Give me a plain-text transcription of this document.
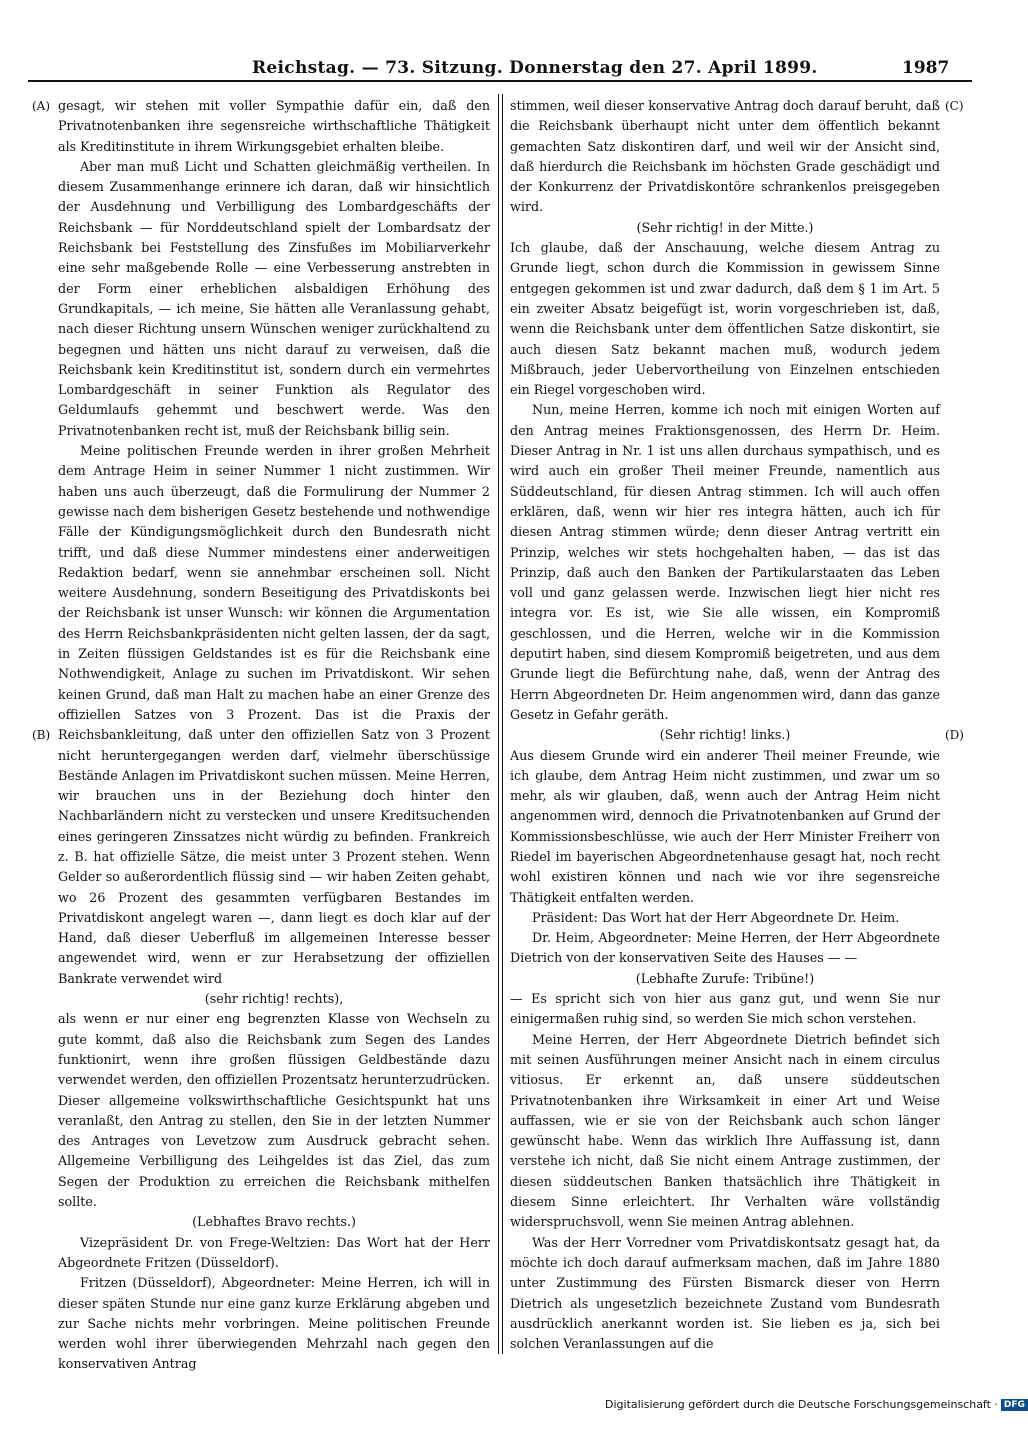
Reichstag. — 73. Sitzung. Donnerstag den 27. April 1899.	1987
(A)
(B)
(C)
(D)

gesagt, wir stehen mit voller Sympathie dafür ein, daß den Privatnotenbanken ihre segensreiche wirthschaftliche Thätigkeit als Kreditinstitute in ihrem Wirkungsgebiet erhalten bleibe.

Aber man muß Licht und Schatten gleichmäßig vertheilen. In diesem Zusammenhange erinnere ich daran, daß wir hinsichtlich der Ausdehnung und Verbilligung des Lombardgeschäfts der Reichsbank — für Norddeutschland spielt der Lombardsatz der Reichsbank bei Feststellung des Zinsfußes im Mobiliarverkehr eine sehr maßgebende Rolle — eine Verbesserung anstrebten in der Form einer erheblichen alsbaldigen Erhöhung des Grundkapitals, — ich meine, Sie hätten alle Veranlassung gehabt, nach dieser Richtung unsern Wünschen weniger zurückhaltend zu begegnen und hätten uns nicht darauf zu verweisen, daß die Reichsbank kein Kreditinstitut ist, sondern durch ein vermehrtes Lombardgeschäft in seiner Funktion als Regulator des Geldumlaufs gehemmt und beschwert werde. Was den Privatnotenbanken recht ist, muß der Reichsbank billig sein.

Meine politischen Freunde werden in ihrer großen Mehrheit dem Antrage Heim in seiner Nummer 1 nicht zustimmen. Wir haben uns auch überzeugt, daß die Formulirung der Nummer 2 gewisse nach dem bisherigen Gesetz bestehende und nothwendige Fälle der Kündigungsmöglichkeit durch den Bundesrath nicht trifft, und daß diese Nummer mindestens einer anderweitigen Redaktion bedarf, wenn sie annehmbar erscheinen soll. Nicht weitere Ausdehnung, sondern Beseitigung des Privatdiskonts bei der Reichsbank ist unser Wunsch: wir können die Argumentation des Herrn Reichsbankpräsidenten nicht gelten lassen, der da sagt, in Zeiten flüssigen Geldstandes ist es für die Reichsbank eine Nothwendigkeit, Anlage zu suchen im Privatdiskont. Wir sehen keinen Grund, daß man Halt zu machen habe an einer Grenze des offiziellen Satzes von 3 Prozent. Das ist die Praxis der Reichsbankleitung, daß unter den offiziellen Satz von 3 Prozent nicht heruntergegangen werden darf, vielmehr überschüssige Bestände Anlagen im Privatdiskont suchen müssen. Meine Herren, wir brauchen uns in der Beziehung doch hinter den Nachbarländern nicht zu verstecken und unsere Kreditsuchenden eines geringeren Zinssatzes nicht würdig zu befinden. Frankreich z. B. hat offizielle Sätze, die meist unter 3 Prozent stehen. Wenn Gelder so außerordentlich flüssig sind — wir haben Zeiten gehabt, wo 26 Prozent des gesammten verfügbaren Bestandes im Privatdiskont angelegt waren —, dann liegt es doch klar auf der Hand, daß dieser Ueberfluß im allgemeinen Interesse besser angewendet wird, wenn er zur Herabsetzung der offiziellen Bankrate verwendet wird

(sehr richtig! rechts),

als wenn er nur einer eng begrenzten Klasse von Wechseln zu gute kommt, daß also die Reichsbank zum Segen des Landes funktionirt, wenn ihre großen flüssigen Geldbestände dazu verwendet werden, den offiziellen Prozentsatz herunterzudrücken. Dieser allgemeine volkswirthschaftliche Gesichtspunkt hat uns veranlaßt, den Antrag zu stellen, den Sie in der letzten Nummer des Antrages von Levetzow zum Ausdruck gebracht sehen. Allgemeine Verbilligung des Leihgeldes ist das Ziel, das zum Segen der Produktion zu erreichen die Reichsbank mithelfen sollte.

(Lebhaftes Bravo rechts.)

Vizepräsident Dr. von Frege-Weltzien: Das Wort hat der Herr Abgeordnete Fritzen (Düsseldorf).

Fritzen (Düsseldorf), Abgeordneter: Meine Herren, ich will in dieser späten Stunde nur eine ganz kurze Erklärung abgeben und zur Sache nichts mehr vorbringen. Meine politischen Freunde werden wohl ihrer überwiegenden Mehrzahl nach gegen den konservativen Antrag

stimmen, weil dieser konservative Antrag doch darauf beruht, daß die Reichsbank überhaupt nicht unter dem öffentlich bekannt gemachten Satz diskontiren darf, und weil wir der Ansicht sind, daß hierdurch die Reichsbank im höchsten Grade geschädigt und der Konkurrenz der Privatdiskontöre schrankenlos preisgegeben wird.

(Sehr richtig! in der Mitte.)

Ich glaube, daß der Anschauung, welche diesem Antrag zu Grunde liegt, schon durch die Kommission in gewissem Sinne entgegen gekommen ist und zwar dadurch, daß dem § 1 im Art. 5 ein zweiter Absatz beigefügt ist, worin vorgeschrieben ist, daß, wenn die Reichsbank unter dem öffentlichen Satze diskontirt, sie auch diesen Satz bekannt machen muß, wodurch jedem Mißbrauch, jeder Uebervortheilung von Einzelnen entschieden ein Riegel vorgeschoben wird.

Nun, meine Herren, komme ich noch mit einigen Worten auf den Antrag meines Fraktionsgenossen, des Herrn Dr. Heim. Dieser Antrag in Nr. 1 ist uns allen durchaus sympathisch, und es wird auch ein großer Theil meiner Freunde, namentlich aus Süddeutschland, für diesen Antrag stimmen. Ich will auch offen erklären, daß, wenn wir hier res integra hätten, auch ich für diesen Antrag stimmen würde; denn dieser Antrag vertritt ein Prinzip, welches wir stets hochgehalten haben, — das ist das Prinzip, daß auch den Banken der Partikularstaaten das Leben voll und ganz gelassen werde. Inzwischen liegt hier nicht res integra vor. Es ist, wie Sie alle wissen, ein Kompromiß geschlossen, und die Herren, welche wir in die Kommission deputirt haben, sind diesem Kompromiß beigetreten, und aus dem Grunde liegt die Befürchtung nahe, daß, wenn der Antrag des Herrn Abgeordneten Dr. Heim angenommen wird, dann das ganze Gesetz in Gefahr geräth.

(Sehr richtig! links.)

Aus diesem Grunde wird ein anderer Theil meiner Freunde, wie ich glaube, dem Antrag Heim nicht zustimmen, und zwar um so mehr, als wir glauben, daß, wenn auch der Antrag Heim nicht angenommen wird, dennoch die Privatnotenbanken auf Grund der Kommissionsbeschlüsse, wie auch der Herr Minister Freiherr von Riedel im bayerischen Abgeordnetenhause gesagt hat, noch recht wohl existiren können und nach wie vor ihre segensreiche Thätigkeit entfalten werden.

Präsident: Das Wort hat der Herr Abgeordnete Dr. Heim.

Dr. Heim, Abgeordneter: Meine Herren, der Herr Abgeordnete Dietrich von der konservativen Seite des Hauses — —

(Lebhafte Zurufe: Tribüne!)

— Es spricht sich von hier aus ganz gut, und wenn Sie nur einigermaßen ruhig sind, so werden Sie mich schon verstehen.

Meine Herren, der Herr Abgeordnete Dietrich befindet sich mit seinen Ausführungen meiner Ansicht nach in einem circulus vitiosus. Er erkennt an, daß unsere süddeutschen Privatnotenbanken ihre Wirksamkeit in einer Art und Weise auffassen, wie er sie von der Reichsbank auch schon länger gewünscht habe. Wenn das wirklich Ihre Auffassung ist, dann verstehe ich nicht, daß Sie nicht einem Antrage zustimmen, der diesen süddeutschen Banken thatsächlich ihre Thätigkeit in diesem Sinne erleichtert. Ihr Verhalten wäre vollständig widerspruchsvoll, wenn Sie meinen Antrag ablehnen.

Was der Herr Vorredner vom Privatdiskontsatz gesagt hat, da möchte ich doch darauf aufmerksam machen, daß im Jahre 1880 unter Zustimmung des Fürsten Bismarck dieser von Herrn Dietrich als ungesetzlich bezeichnete Zustand vom Bundesrath ausdrücklich anerkannt worden ist. Sie lieben es ja, sich bei solchen Veranlassungen auf die

Digitalisierung gefördert durch die Deutsche Forschungsgemeinschaft · DFG
